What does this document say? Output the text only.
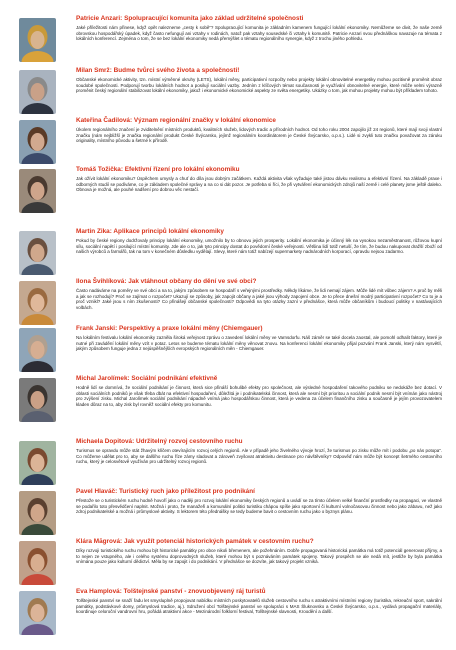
Patricie Anzari: Spolupracující komunita jako základ udržitelné společnosti

Jaké příležitosti nám přinese, když opět nalezneme „cesty k sobě“? Spolupracující komunita je základním kamenem fungující lokální ekonomiky. Nemůžeme se divit, že naše země obrovskou hospodářský úpadek, když často nefungují ani vztahy v rodinách, natož pak vztahy sousedské či vztahy k komunitě. Patricie Anzari svou přednáškou navazuje na témata z lokálních konferencí. Zejména o tom, že se bez lokální ekonomiky nedá přemýšlet o tématu regionálního synergie, když z trochu jiného pohledu.

Milan Smrž: Budme tvůrci svého života a společnosti!

Občanské ekonomické aktivity, tzn. místní výměnné okruhy (LETS), lokální měny, participativní rozpočty nebo projekty lokální obnovitelné energetiky mohou pozitivně proměnit obraz soudobé společnosti. Podporují tvorbu lokálních hodnot a posilují sociální vazby. Jedním z klíčových témat současnosti je využívání obnovitelné energie, které může velmi výrazně proměnit český regionální stabilizovat lokální ekonomiky, jakož i ekonomické ekonomické aspekty ze světa energetiky. Ukázky o tom, jak mohou projekty mohou být příkladem tohoto.

Kateřina Čadilová: Význam regionální značky v lokální ekonomice

Úkolem regionálního značení je zviditelnění místních produktů, kvalitních služeb, lidových tradic a přírodních hodnot. Od toho roku 2004 zapojilo již 24 regionů, které mají svoji vlastní značku (nám nejbližší je značka regionální produkt České Švýcarsko, jejímž regionálním koordinátorem je České Švýcarsko, o.p.s.). Lidé si zvykli tuto značku považovat za záruku originality, místního původu a šetrné k přírodě.

Tomáš Tožička: Efektivní řízení pro lokální ekonomiku

Jak ožívit lokální ekonomiku? Úspěchem umysly a chuť do díla jsou dobrým začátkem. Každá aktivita však vyžaduje také jistou dávku realismu a efektivní řízení. Na základě praxe i odborných studií se podíváme, co je základem společné správy a na co si dát pozor. Je potřeba si říci, že při vytváření ekonomických zdrojů naší země i celé planety jsme ještě daleko. Obnova je možná, ale pouhé nadšení pro dobrou věc nestačí.

Martin Zika: Aplikace principů lokální ekonomiky

Pokud by české regiony dodržovaly principy lokální ekonomiky, umožnilo by to obnovu jejich prosperity. Lokální ekonomika je účinný lék na vysokou nezaměstnanost, růžovou kupní sílu, sociální napětí i posilující místní komunity. Jde ale o to, jak tyto principy dostat do povědomí české veřejnosti. Většina lidí totiž netuší, že tím, že budou nakupovat dražší zboží od našich výrobců a farmářů, tak na tom v konečném důsledku vydělají. Slevy, které nám totiž nabízejí supermarkety nadnárodních korporací, opravdu nejsou zadarmo.

Ilona Švihlíková: Jak vtáhnout občany do dění ve své obci?

Často nadáváme na poměry ve své obci a na to, jakým způsobem se hospodaří s veřejnými prostředky. Někdy líkáme, že lidi nemají zájem. Může lidé mít vůbec zájem? A proč by měli a jak se rozhodují? Proč se zajímat o rozpočet? Ukazují se způsoby, jak zapojit občany a jaké jsou výhody zapojení obce. Je to přece dnešní modrý participativní rozpočet? Co to je a proč vznikl? Jaké jsou s ním zkušenosti? Co přinášejí občanské společnosti? Odpovědi na tyto otázky zazní v přednášce, která může občaníkům i budoucí politiky v nastávajících volbách.

Frank Janski: Perspektivy a praxe lokální měny (Chiemgauer)

Na lokálním festivalu lokální ekonomiky zazněla široká veřejnost zprávu o zavedení lokální měny ve Varnsdorfu. Náš záměr se také docela zaostal, ale pomohl odhalit faktory, které je nutné při zavádění lokální měny vzít v potaz. Letos se budeme tématu lokální měny věnovat znovu. Na konferenci lokální ekonomiky přijal pozvání Frank Janski, který nám vysvětlí, jakým způsobem funguje jedna z nejúspěšnějších evropských regionálních měn - Chiemgauer.

Michal Jarolímek: Sociální podnikání efektivně

Hodně lidí se domnívá, že sociální podnikání je činnost, která sice přináší bohulibé efekty pro společnost, ale výsledné hospodaření takového podniku se nedokáže bez dotací. V oblasti sociálních podniků je však třeba dbát na efektivní hospodaření, důležitá je i podnikatelská činnost, která ale nesmí být prioritou a sociální podnik nesmí být vnímán jako nástroj pro zvýšení zisku. Michal Jarolímek sociální podnikání nápadně vnímá jako hospodářskou činnost, která je vedena za účelem finančního zisku a současně je jejím provozovatelem kladen důraz na to, aby zisk byl rovněž sociální efekty pro komunitu.

Michaela Dopitová: Udržitelný rozvoj cestovního ruchu

Turismus se opravdu může stát žhavým klíčem otevírajícím rozvoj celých regionů. Ale v případě jeho živelného vývoje hrozí, že turismus po zisku může mít i podobu „po nás potopa“. Co můžeme udělat pro to, aby se dalšího ruchu říze zámy sladovat a zároveň zvyšovat atraktivitu destinace pro návštěvníky? Odpověď nám může být koncept šetrného cestovního ruchu, který je celosvětově využíván pro udržitelný rozvoj regionů.

Pavel Hlaváč: Turistický ruch jako příležitost pro podnikání

Přestože se o turistickém ruchu hodně hovoří jako o naději pro rozvoj lokální ekonomiky českých regionů a uvádí se za tímto účelem velké finanční prostředky na propagaci, ve vlastně se podařilo toto přesvědčení naplnit. Možná i proto, že manažeři a komunální politici turistiku chápou spíše jako sportovní či kulturní volnočasovou činnost nebo jako zábavu, než jako zdroj podnikatelské a možná i průmyslové aktivity. S lektorem této přednášky se tedy budeme bavit o cestovním ruchu jako o byznys plánu.

Klára Măgrová: Jak využít potenciál historických památek v cestovním ruchu?

Díky rozvoji turistického ruchu mohou být historické památky pro obce nikoli břemenem, ale požehnáním. Dobře propagovaná historická památka má totiž potenciál generovat příjmy, a to nejen ze vstupného, ale i celého systému doprovodných služeb, které mohou být s poznáváním památek spojeny. Takový prospěch se ale nedá mít, jestliže by byla památka vnímána pouze jako kulturní dědictví. Měla by se zapojit i do podnikání. V přednášce se dozvíte, jak takový projekt vzniká.

Eva Hamplová: Tolštejnské panství - znovuobjevený ráj turistů

Tolštejnské panství se snaží řadu let smysluplně propojovat nabídku místních poskytovatelů služeb cestovního ruchu s atraktivními místními regiony (turistika, rekreační sport, sakrální památky, podstávkové domy, průmyslová tradice, aj.). Sdružení obcí Tolštejnské panství ve spolupráci s MAS Šluknovsko a České Švýcarsko, o.p.s., vydává propagační materiály, koordinuje celoroční vandrovní hru, pořádá atraktivní akce - Mezinárodní folklorní festival, Tolštejnské slavnosti, Kroodění a další.
